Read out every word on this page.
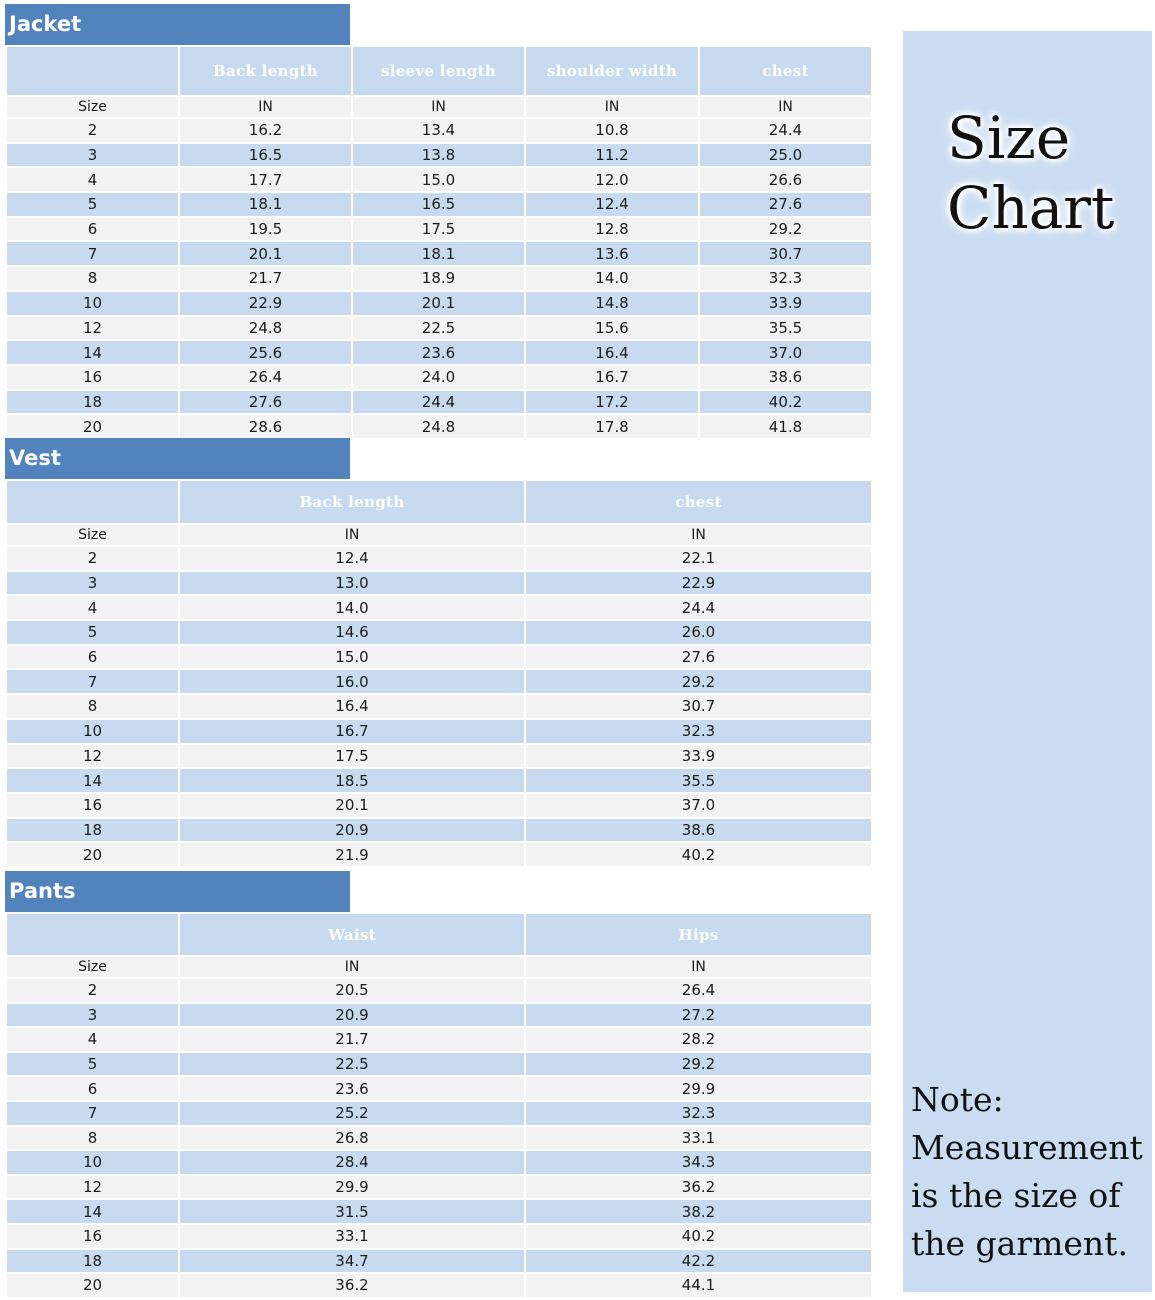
Jacket
	Back length	sleeve length	shoulder width	chest
Size	IN	IN	IN	IN
2	16.2	13.4	10.8	24.4
3	16.5	13.8	11.2	25.0
4	17.7	15.0	12.0	26.6
5	18.1	16.5	12.4	27.6
6	19.5	17.5	12.8	29.2
7	20.1	18.1	13.6	30.7
8	21.7	18.9	14.0	32.3
10	22.9	20.1	14.8	33.9
12	24.8	22.5	15.6	35.5
14	25.6	23.6	16.4	37.0
16	26.4	24.0	16.7	38.6
18	27.6	24.4	17.2	40.2
20	28.6	24.8	17.8	41.8
Vest
	Back length	chest
Size	IN	IN
2	12.4	22.1
3	13.0	22.9
4	14.0	24.4
5	14.6	26.0
6	15.0	27.6
7	16.0	29.2
8	16.4	30.7
10	16.7	32.3
12	17.5	33.9
14	18.5	35.5
16	20.1	37.0
18	20.9	38.6
20	21.9	40.2
Pants
	Waist	Hips
Size	IN	IN
2	20.5	26.4
3	20.9	27.2
4	21.7	28.2
5	22.5	29.2
6	23.6	29.9
7	25.2	32.3
8	26.8	33.1
10	28.4	34.3
12	29.9	36.2
14	31.5	38.2
16	33.1	40.2
18	34.7	42.2
20	36.2	44.1
Size
Chart
Note:
Measurement is the size of the garment.
